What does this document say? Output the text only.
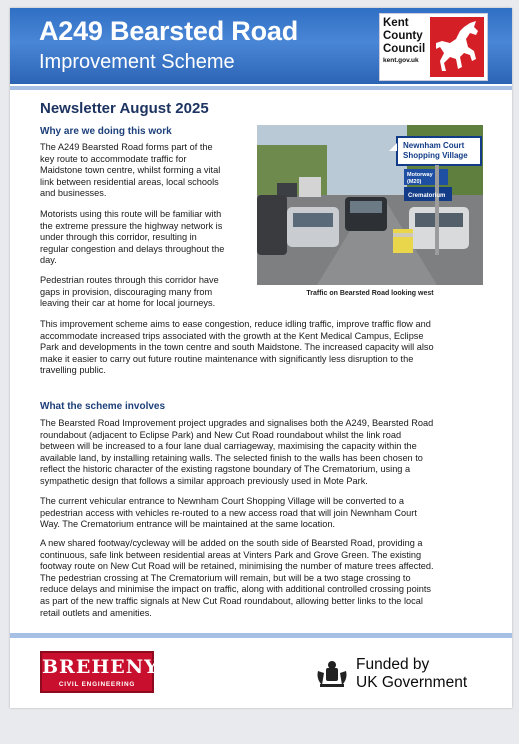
A249 Bearsted Road
Improvement Scheme
Kent
County
Council
kent.gov.uk
Newsletter August 2025
Why are we doing this work

The A249 Bearsted Road forms part of the
key route to accommodate traffic for
Maidstone town centre, whilst forming a vital
link between residential areas, local schools
and businesses.

Motorists using this route will be familiar with
the extreme pressure the highway network is
under through this corridor, resulting in
regular congestion and delays throughout the
day.

Pedestrian routes through this corridor have
gaps in provision, discouraging many from
leaving their car at home for local journeys.

Newnham Court
Shopping Village
Motorway
(M20)
Crematorium
Traffic on Bearsted Road looking west

This improvement scheme aims to ease congestion, reduce idling traffic, improve traffic flow and
accommodate increased trips associated with the growth at the Kent Medical Campus, Eclipse
Park and developments in the town centre and south Maidstone. The increased capacity will also
make it easier to carry out future routine maintenance with significantly less disruption to the
travelling public.

What the scheme involves

The Bearsted Road Improvement project upgrades and signalises both the A249, Bearsted Road
roundabout (adjacent to Eclipse Park) and New Cut Road roundabout whilst the link road
between will be increased to a four lane dual carriageway, maximising the capacity within the
available land, by installing retaining walls. The selected finish to the walls has been chosen to
reflect the historic character of the existing ragstone boundary of The Crematorium, using a
sympathetic design that follows a similar approach previously used in Mote Park.

The current vehicular entrance to Newnham Court Shopping Village will be converted to a
pedestrian access with vehicles re-routed to a new access road that will join Newnham Court
Way. The Crematorium entrance will be maintained at the same location.

A new shared footway/cycleway will be added on the south side of Bearsted Road, providing a
continuous, safe link between residential areas at Vinters Park and Grove Green. The existing
footway route on New Cut Road will be retained, minimising the number of mature trees affected.
The pedestrian crossing at The Crematorium will remain, but will be a two stage crossing to
reduce delays and minimise the impact on traffic, along with additional controlled crossing points
as part of the new traffic signals at New Cut Road roundabout, allowing better links to the local
retail outlets and amenities.

BREHENY
CIVIL ENGINEERING
Funded by
UK Government
